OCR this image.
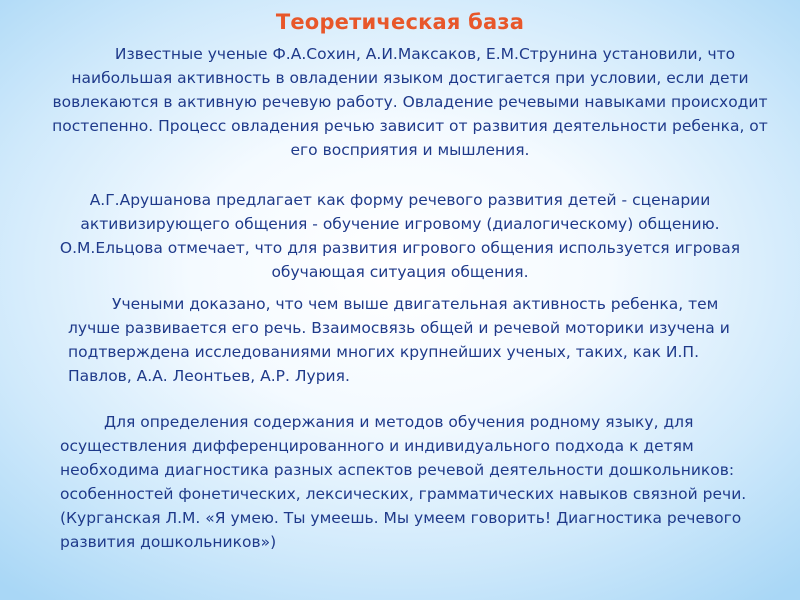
Теоретическая база

Известные ученые Ф.А.Сохин, А.И.Максаков, Е.М.Струнина установили, что наибольшая активность в овладении языком достигается при условии, если дети вовлекаются в активную речевую работу. Овладение речевыми навыками происходит постепенно. Процесс овладения речью зависит от развития деятельности ребенка, от его восприятия и мышления.

А.Г.Арушанова предлагает как форму речевого развития детей - сценарии активизирующего общения - обучение игровому (диалогическому) общению. О.М.Ельцова отмечает, что для развития игрового общения используется игровая обучающая ситуация общения.

Учеными доказано, что чем выше двигательная активность ребенка, тем лучше развивается его речь. Взаимосвязь общей и речевой моторики изучена и подтверждена исследованиями многих крупнейших ученых, таких, как И.П. Павлов, А.А. Леонтьев, А.Р. Лурия.

Для определения содержания и методов обучения родному языку, для осуществления дифференцированного и индивидуального подхода к детям необходима диагностика разных аспектов речевой деятельности дошкольников: особенностей фонетических, лексических, грамматических навыков связной речи. (Курганская Л.М. «Я умею. Ты умеешь. Мы умеем говорить! Диагностика речевого развития дошкольников»)
